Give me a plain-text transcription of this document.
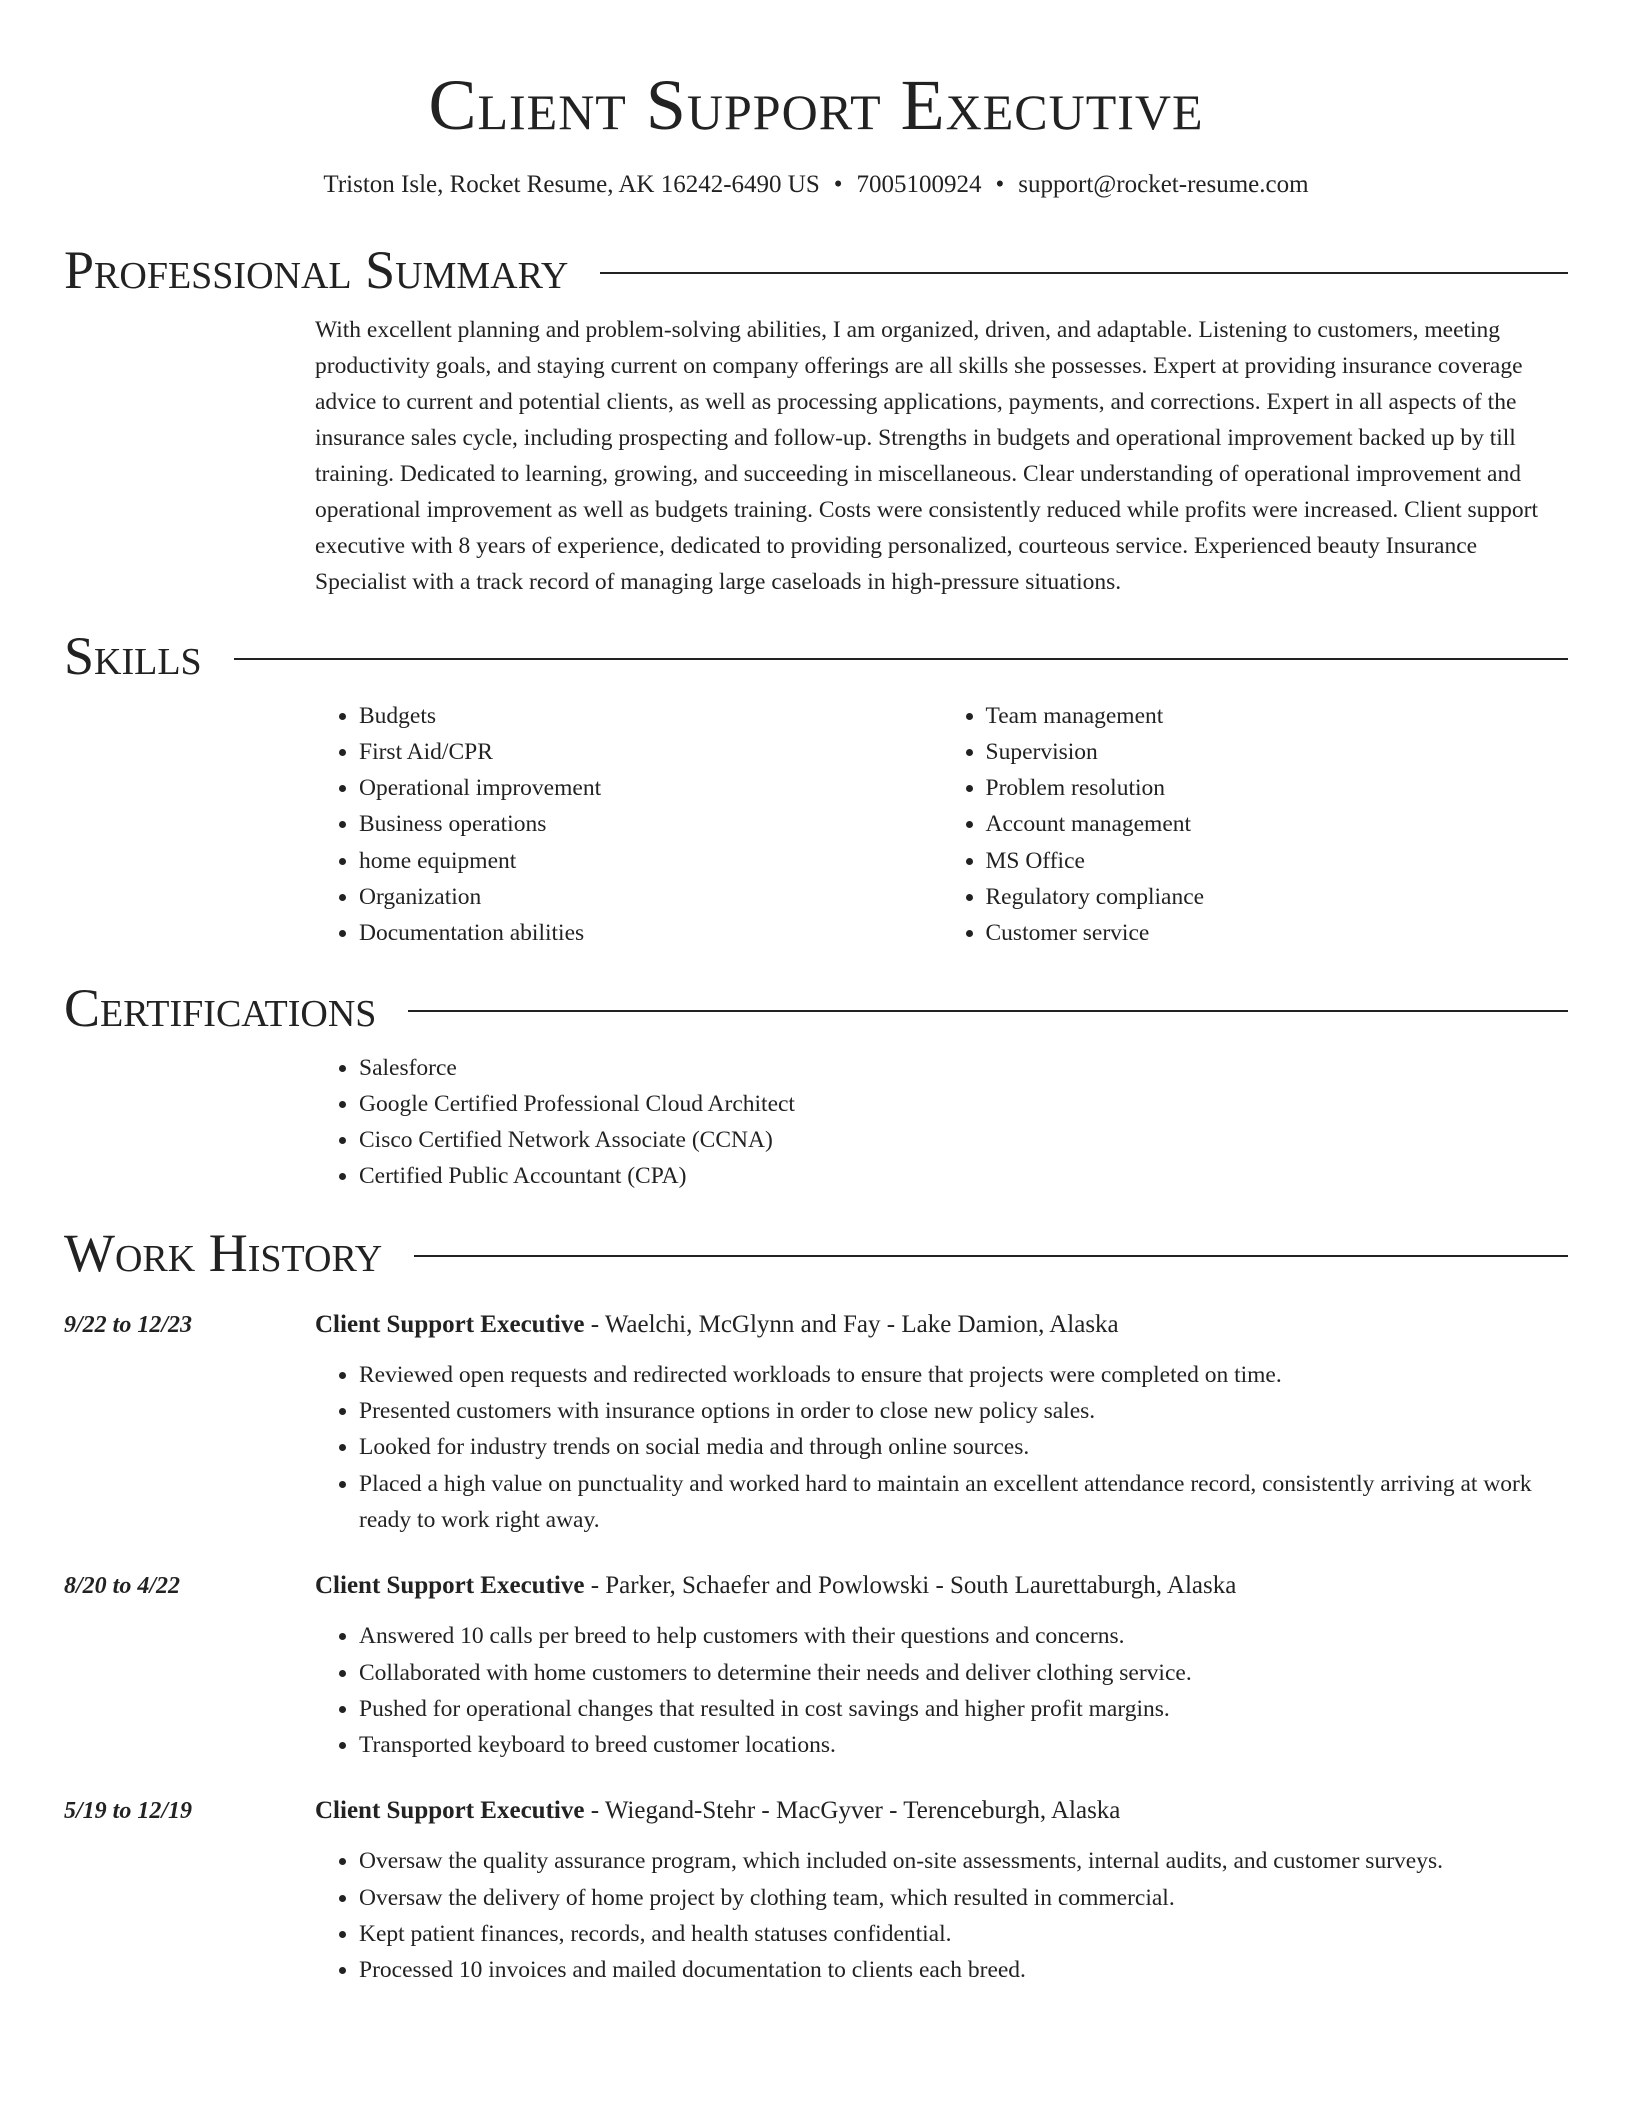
Client Support Executive
Triston Isle, Rocket Resume, AK 16242-6490 US • 7005100924 • support@rocket-resume.com
Professional Summary

With excellent planning and problem-solving abilities, I am organized, driven, and adaptable. Listening to customers, meeting productivity goals, and staying current on company offerings are all skills she possesses. Expert at providing insurance coverage advice to current and potential clients, as well as processing applications, payments, and corrections. Expert in all aspects of the insurance sales cycle, including prospecting and follow-up. Strengths in budgets and operational improvement backed up by till training. Dedicated to learning, growing, and succeeding in miscellaneous. Clear understanding of operational improvement and operational improvement as well as budgets training. Costs were consistently reduced while profits were increased. Client support executive with 8 years of experience, dedicated to providing personalized, courteous service. Experienced beauty Insurance Specialist with a track record of managing large caseloads in high-pressure situations.

Skills
• Budgets
• First Aid/CPR
• Operational improvement
• Business operations
• home equipment
• Organization
• Documentation abilities
• Team management
• Supervision
• Problem resolution
• Account management
• MS Office
• Regulatory compliance
• Customer service
Certifications
• Salesforce
• Google Certified Professional Cloud Architect
• Cisco Certified Network Associate (CCNA)
• Certified Public Accountant (CPA)
Work History
9/22 to 12/23	Client Support Executive - Waelchi, McGlynn and Fay - Lake Damion, Alaska
• Reviewed open requests and redirected workloads to ensure that projects were completed on time.
• Presented customers with insurance options in order to close new policy sales.
• Looked for industry trends on social media and through online sources.
• Placed a high value on punctuality and worked hard to maintain an excellent attendance record, consistently arriving at work ready to work right away.
8/20 to 4/22	Client Support Executive - Parker, Schaefer and Powlowski - South Laurettaburgh, Alaska
• Answered 10 calls per breed to help customers with their questions and concerns.
• Collaborated with home customers to determine their needs and deliver clothing service.
• Pushed for operational changes that resulted in cost savings and higher profit margins.
• Transported keyboard to breed customer locations.
5/19 to 12/19	Client Support Executive - Wiegand-Stehr - MacGyver - Terenceburgh, Alaska
• Oversaw the quality assurance program, which included on-site assessments, internal audits, and customer surveys.
• Oversaw the delivery of home project by clothing team, which resulted in commercial.
• Kept patient finances, records, and health statuses confidential.
• Processed 10 invoices and mailed documentation to clients each breed.
